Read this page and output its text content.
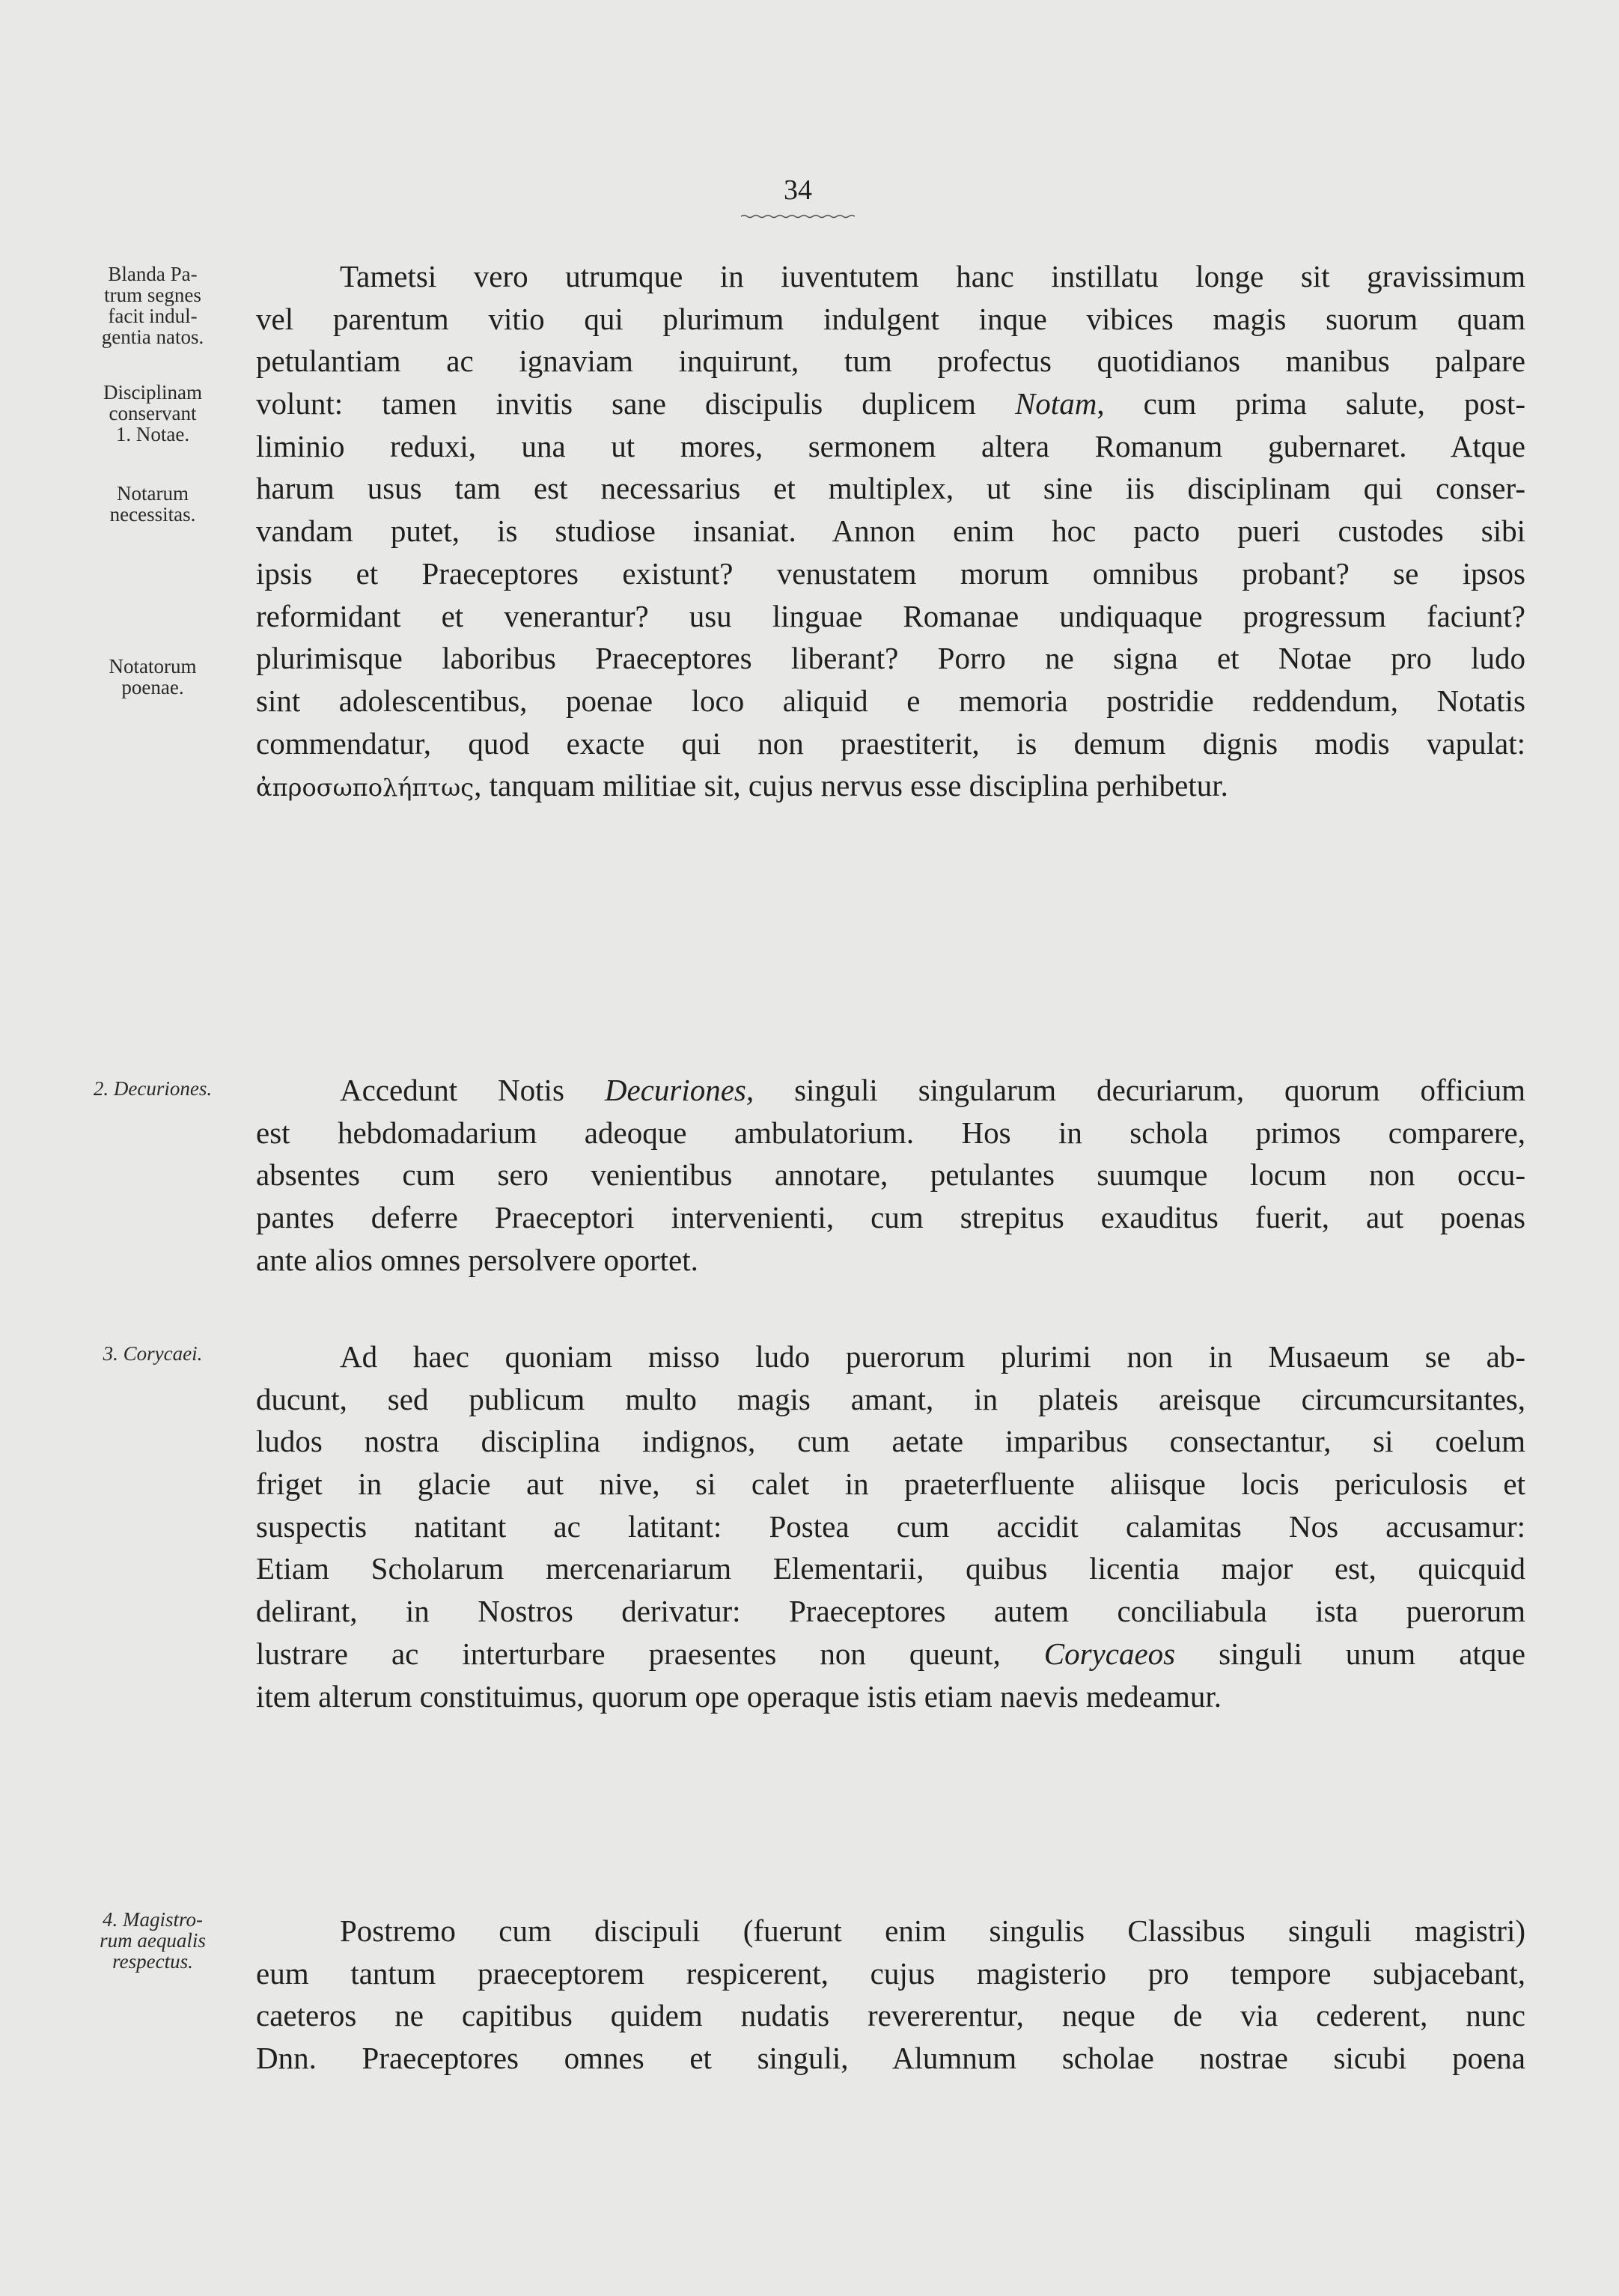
34
Blanda Pa-
trum segnes
facit indul-
gentia natos.
Disciplinam
conservant
1. Notae.
Notarum
necessitas.
Notatorum
poenae.
2. Decuriones.
3. Corycaei.
4. Magistro-
rum aequalis
respectus.
Tametsi vero utrumque in iuventutem hanc instillatu longe sit gravissimum
vel parentum vitio qui plurimum indulgent inque vibices magis suorum quam
petulantiam ac ignaviam inquirunt, tum profectus quotidianos manibus palpare
volunt: tamen invitis sane discipulis duplicem Notam, cum prima salute, post-
liminio reduxi, una ut mores, sermonem altera Romanum gubernaret. Atque
harum usus tam est necessarius et multiplex, ut sine iis disciplinam qui conser-
vandam putet, is studiose insaniat. Annon enim hoc pacto pueri custodes sibi
ipsis et Praeceptores existunt? venustatem morum omnibus probant? se ipsos
reformidant et venerantur? usu linguae Romanae undiquaque progressum faciunt?
plurimisque laboribus Praeceptores liberant? Porro ne signa et Notae pro ludo
sint adolescentibus, poenae loco aliquid e memoria postridie reddendum, Notatis
commendatur, quod exacte qui non praestiterit, is demum dignis modis vapulat:
ἀπροσωπολήπτως, tanquam militiae sit, cujus nervus esse disciplina perhibetur.
Accedunt Notis Decuriones, singuli singularum decuriarum, quorum officium
est hebdomadarium adeoque ambulatorium. Hos in schola primos comparere,
absentes cum sero venientibus annotare, petulantes suumque locum non occu-
pantes deferre Praeceptori intervenienti, cum strepitus exauditus fuerit, aut poenas
ante alios omnes persolvere oportet.
Ad haec quoniam misso ludo puerorum plurimi non in Musaeum se ab-
ducunt, sed publicum multo magis amant, in plateis areisque circumcursitantes,
ludos nostra disciplina indignos, cum aetate imparibus consectantur, si coelum
friget in glacie aut nive, si calet in praeterfluente aliisque locis periculosis et
suspectis natitant ac latitant: Postea cum accidit calamitas Nos accusamur:
Etiam Scholarum mercenariarum Elementarii, quibus licentia major est, quicquid
delirant, in Nostros derivatur: Praeceptores autem conciliabula ista puerorum
lustrare ac interturbare praesentes non queunt, Corycaeos singuli unum atque
item alterum constituimus, quorum ope operaque istis etiam naevis medeamur.
Postremo cum discipuli (fuerunt enim singulis Classibus singuli magistri)
eum tantum praeceptorem respicerent, cujus magisterio pro tempore subjacebant,
caeteros ne capitibus quidem nudatis revererentur, neque de via cederent, nunc
Dnn. Praeceptores omnes et singuli, Alumnum scholae nostrae sicubi poena
